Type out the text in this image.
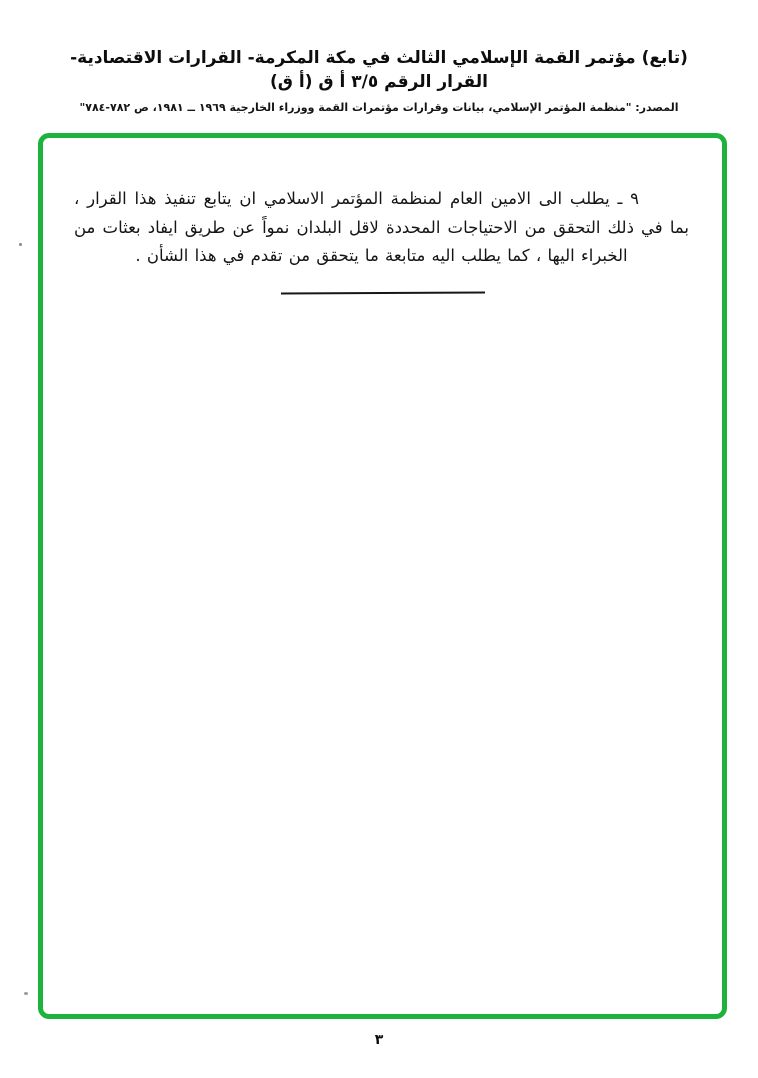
(تابع) مؤتمر القمة الإسلامي الثالث في مكة المكرمة- القرارات الاقتصادية- القرار الرقم ٣/٥ أ ق (أ ق)
المصدر: "منظمة المؤتمر الإسلامي، بيانات وقرارات مؤتمرات القمة ووزراء الخارجية ١٩٦٩ ــ ١٩٨١، ص ٧٨٢-٧٨٤"

٩ ـ يطلب الى الامين العام لمنظمة المؤتمر الاسلامي ان يتابع تنفيذ هذا القرار ، بما في ذلك التحقق من الاحتياجات المحددة لاقل البلدان نمواً عن طريق ايفاد بعثات من الخبراء اليها ، كما يطلب اليه متابعة ما يتحقق من تقدم في هذا الشأن .

٣
